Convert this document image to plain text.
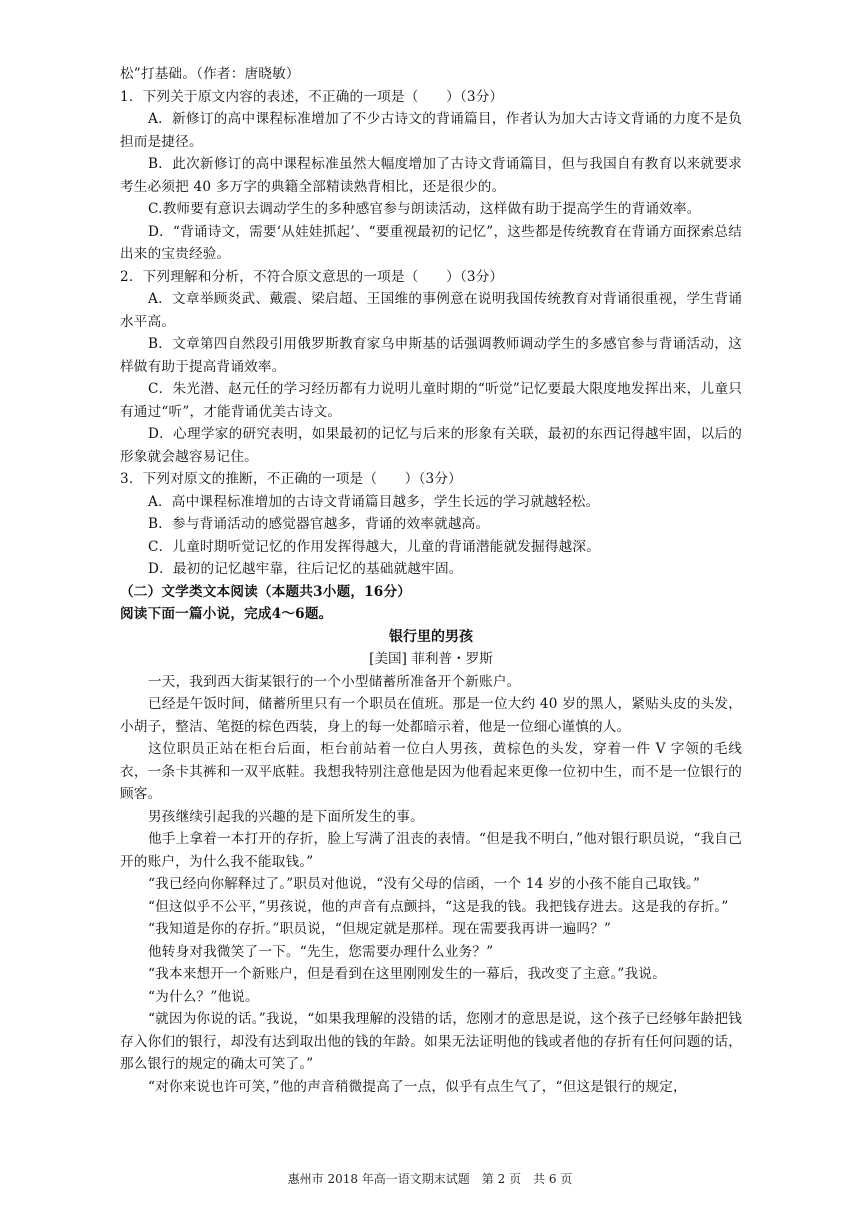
松”打基础。（作者：唐晓敏）

1．下列关于原文内容的表述，不正确的一项是（　　）（3分）

A．新修订的高中课程标准增加了不少古诗文的背诵篇目，作者认为加大古诗文背诵的力度不是负担而是捷径。

B．此次新修订的高中课程标准虽然大幅度增加了古诗文背诵篇目，但与我国自有教育以来就要求考生必须把 40 多万字的典籍全部精读熟背相比，还是很少的。

C.教师要有意识去调动学生的多种感官参与朗读活动，这样做有助于提高学生的背诵效率。

D．“背诵诗文，需要‘从娃娃抓起’、“要重视最初的记忆”，这些都是传统教育在背诵方面探索总结出来的宝贵经验。

2．下列理解和分析，不符合原文意思的一项是（　　）（3分）

A．文章举顾炎武、戴震、梁启超、王国维的事例意在说明我国传统教育对背诵很重视，学生背诵水平高。

B．文章第四自然段引用俄罗斯教育家乌申斯基的话强调教师调动学生的多感官参与背诵活动，这样做有助于提高背诵效率。

C．朱光潜、赵元任的学习经历都有力说明儿童时期的“听觉”记忆要最大限度地发挥出来，儿童只有通过“听”，才能背诵优美古诗文。

D．心理学家的研究表明，如果最初的记忆与后来的形象有关联，最初的东西记得越牢固，以后的形象就会越容易记住。

3．下列对原文的推断，不正确的一项是（　　）（3分）

A．高中课程标准增加的古诗文背诵篇目越多，学生长远的学习就越轻松。

B．参与背诵活动的感觉器官越多，背诵的效率就越高。

C．儿童时期听觉记忆的作用发挥得越大，儿童的背诵潜能就发掘得越深。

D．最初的记忆越牢靠，往后记忆的基础就越牢固。

（二）文学类文本阅读（本题共3小题，16分）

阅读下面一篇小说，完成4～6题。

银行里的男孩

[美国] 菲利普・罗斯

一天，我到西大街某银行的一个小型储蓄所准备开个新账户。

已经是午饭时间，储蓄所里只有一个职员在值班。那是一位大约 40 岁的黑人，紧贴头皮的头发，小胡子，整洁、笔挺的棕色西装，身上的每一处都暗示着，他是一位细心谨慎的人。

这位职员正站在柜台后面，柜台前站着一位白人男孩，黄棕色的头发，穿着一件 V 字领的毛线衣，一条卡其裤和一双平底鞋。我想我特别注意他是因为他看起来更像一位初中生，而不是一位银行的顾客。

男孩继续引起我的兴趣的是下面所发生的事。

他手上拿着一本打开的存折，脸上写满了沮丧的表情。“但是我不明白，”他对银行职员说，“我自己开的账户，为什么我不能取钱。”

“我已经向你解释过了。”职员对他说，“没有父母的信函，一个 14 岁的小孩不能自己取钱。”

“但这似乎不公平，”男孩说，他的声音有点颤抖，“这是我的钱。我把钱存进去。这是我的存折。”

“我知道是你的存折。”职员说，“但规定就是那样。现在需要我再讲一遍吗？”

他转身对我微笑了一下。“先生，您需要办理什么业务？”

“我本来想开一个新账户，但是看到在这里刚刚发生的一幕后，我改变了主意。”我说。

“为什么？”他说。

“就因为你说的话。”我说，“如果我理解的没错的话，您刚才的意思是说，这个孩子已经够年龄把钱存入你们的银行，却没有达到取出他的钱的年龄。如果无法证明他的钱或者他的存折有任何问题的话，那么银行的规定的确太可笑了。”

“对你来说也许可笑，”他的声音稍微提高了一点，似乎有点生气了，“但这是银行的规定，

惠州市 2018 年高一语文期末试题　第 2 页　共 6 页
